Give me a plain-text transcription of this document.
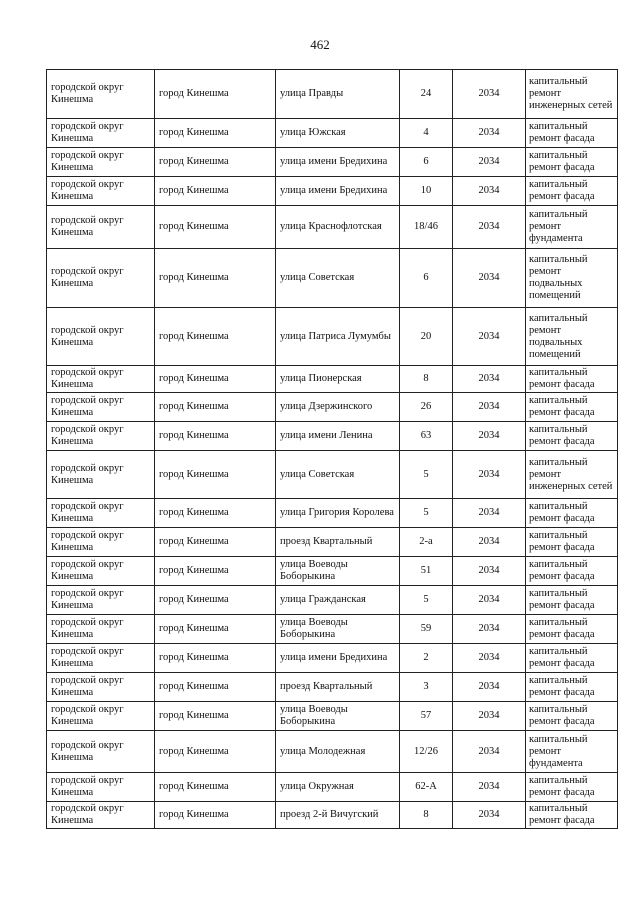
462
городской округ Кинешма	город Кинешма	улица Правды	24	2034	капитальный ремонт инженерных сетей
городской округ Кинешма	город Кинешма	улица Южская	4	2034	капитальный ремонт фасада
городской округ Кинешма	город Кинешма	улица имени Бредихина	6	2034	капитальный ремонт фасада
городской округ Кинешма	город Кинешма	улица имени Бредихина	10	2034	капитальный ремонт фасада
городской округ Кинешма	город Кинешма	улица Краснофлотская	18/46	2034	капитальный ремонт фундамента
городской округ Кинешма	город Кинешма	улица Советская	6	2034	капитальный ремонт подвальных помещений
городской округ Кинешма	город Кинешма	улица Патриса Лумумбы	20	2034	капитальный ремонт подвальных помещений
городской округ Кинешма	город Кинешма	улица Пионерская	8	2034	капитальный ремонт фасада
городской округ Кинешма	город Кинешма	улица Дзержинского	26	2034	капитальный ремонт фасада
городской округ Кинешма	город Кинешма	улица имени Ленина	63	2034	капитальный ремонт фасада
городской округ Кинешма	город Кинешма	улица Советская	5	2034	капитальный ремонт инженерных сетей
городской округ Кинешма	город Кинешма	улица Григория Королева	5	2034	капитальный ремонт фасада
городской округ Кинешма	город Кинешма	проезд Квартальный	2-а	2034	капитальный ремонт фасада
городской округ Кинешма	город Кинешма	улица Воеводы Боборыкина	51	2034	капитальный ремонт фасада
городской округ Кинешма	город Кинешма	улица Гражданская	5	2034	капитальный ремонт фасада
городской округ Кинешма	город Кинешма	улица Воеводы Боборыкина	59	2034	капитальный ремонт фасада
городской округ Кинешма	город Кинешма	улица имени Бредихина	2	2034	капитальный ремонт фасада
городской округ Кинешма	город Кинешма	проезд Квартальный	3	2034	капитальный ремонт фасада
городской округ Кинешма	город Кинешма	улица Воеводы Боборыкина	57	2034	капитальный ремонт фасада
городской округ Кинешма	город Кинешма	улица Молодежная	12/26	2034	капитальный ремонт фундамента
городской округ Кинешма	город Кинешма	улица Окружная	62-А	2034	капитальный ремонт фасада
городской округ Кинешма	город Кинешма	проезд 2-й Вичугский	8	2034	капитальный ремонт фасада
